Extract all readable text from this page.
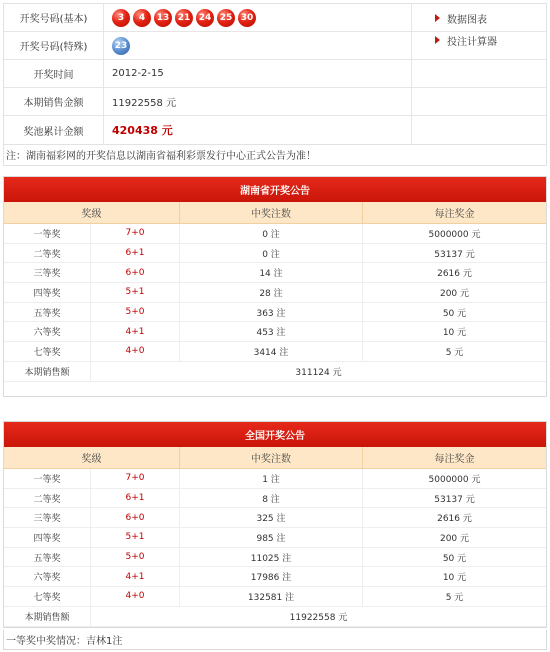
开奖号码(基本)	3	4	13 21 24 25 30
开奖号码(特殊)	23
开奖时间	2012-2-15
本期销售金额	11922558 元
奖池累计金额	420438 元
数据图表
投注计算器
注：湖南福彩网的开奖信息以湖南省福利彩票发行中心正式公告为准！
湖南省开奖公告
奖级	中奖注数	每注奖金
一等奖	7+0	0 注	5000000 元
二等奖	6+1	0 注	53137 元
三等奖	6+0	14 注	2616 元
四等奖	5+1	28 注	200 元
五等奖	5+0	363 注	50 元
六等奖	4+1	453 注	10 元
七等奖	4+0	3414 注	5 元
本期销售额	311124 元
全国开奖公告
奖级	中奖注数	每注奖金
一等奖	7+0	1 注	5000000 元
二等奖	6+1	8 注	53137 元
三等奖	6+0	325 注	2616 元
四等奖	5+1	985 注	200 元
五等奖	5+0	11025 注	50 元
六等奖	4+1	17986 注	10 元
七等奖	4+0	132581 注	5 元
本期销售额	11922558 元
一等奖中奖情况：吉林1注
